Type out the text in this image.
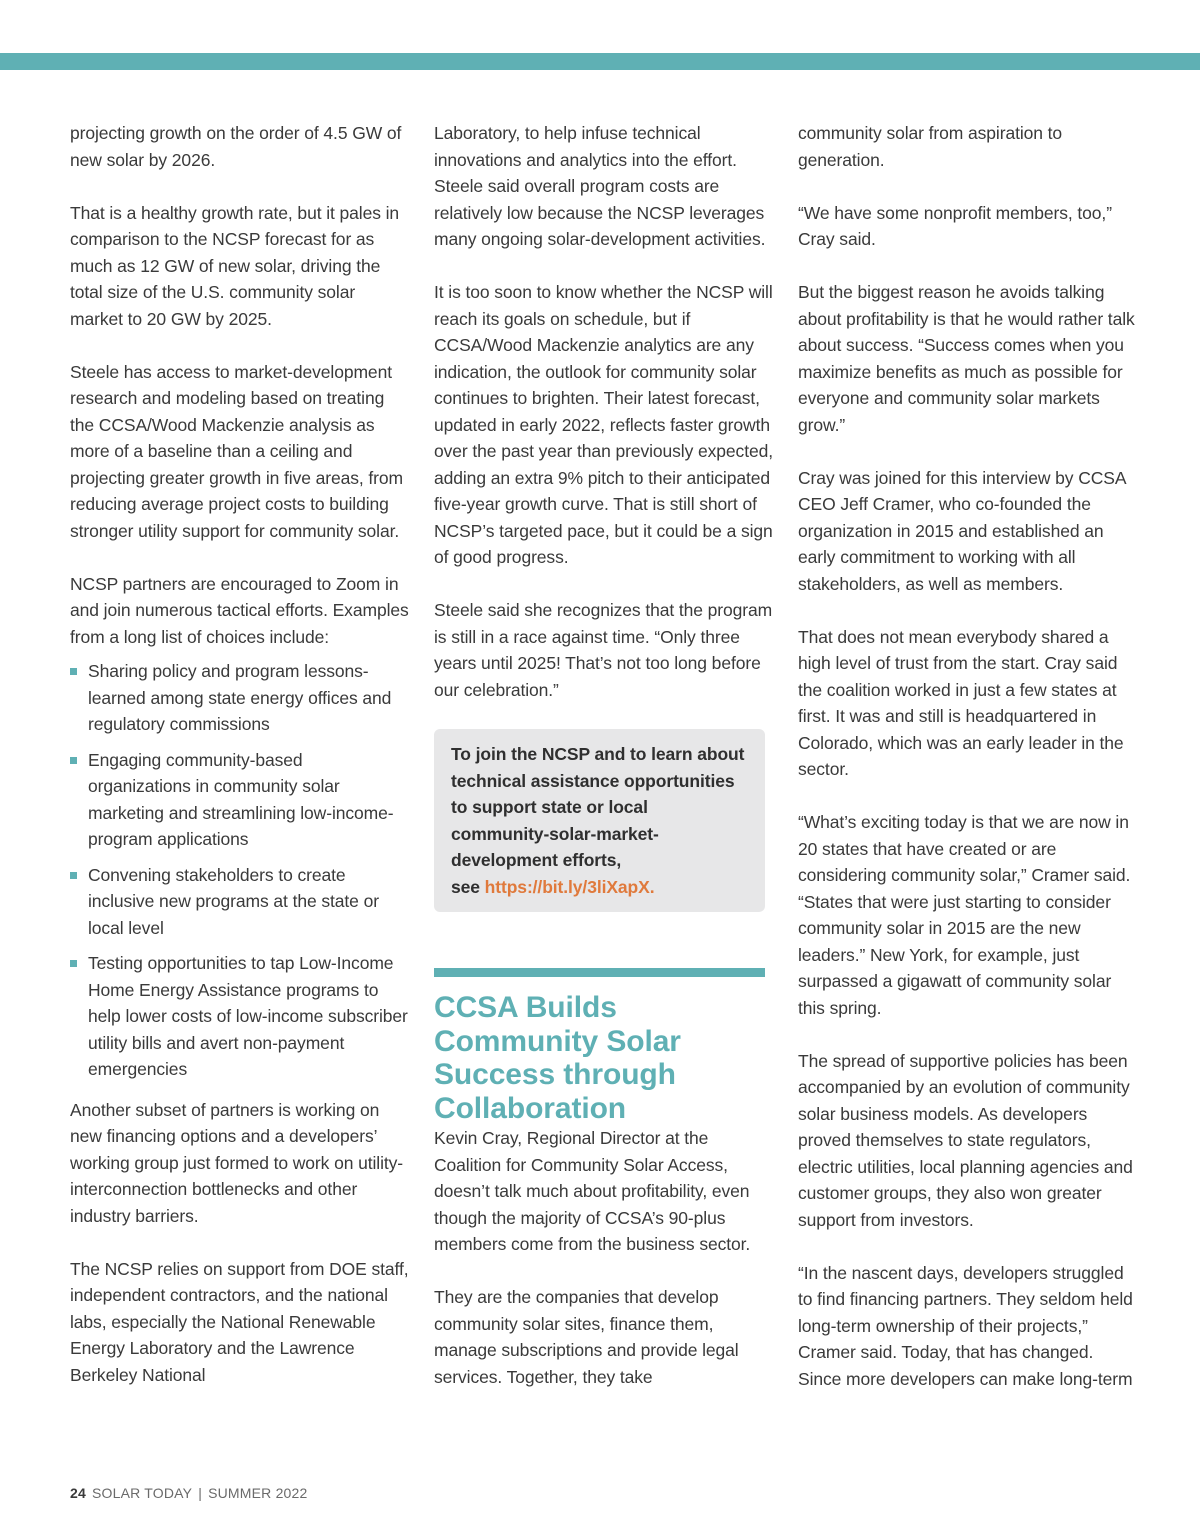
projecting growth on the order of 4.5 GW of new solar by 2026.

That is a healthy growth rate, but it pales in comparison to the NCSP forecast for as much as 12 GW of new solar, driving the total size of the U.S. community solar market to 20 GW by 2025.

Steele has access to market-development research and modeling based on treating the CCSA/Wood Mackenzie analysis as more of a baseline than a ceiling and projecting greater growth in five areas, from reducing average project costs to building stronger utility support for community solar.

NCSP partners are encouraged to Zoom in and join numerous tactical efforts. Examples from a long list of choices include:

Sharing policy and program lessons-learned among state energy offices and regulatory commissions
Engaging community-based organizations in community solar marketing and streamlining low-income-program applications
Convening stakeholders to create inclusive new programs at the state or local level
Testing opportunities to tap Low-Income Home Energy Assistance programs to help lower costs of low-income subscriber utility bills and avert non-payment emergencies

Another subset of partners is working on new financing options and a developers’ working group just formed to work on utility-interconnection bottlenecks and other industry barriers.

The NCSP relies on support from DOE staff, independent contractors, and the national labs, especially the National Renewable Energy Laboratory and the Lawrence Berkeley National

Laboratory, to help infuse technical innovations and analytics into the effort. Steele said overall program costs are relatively low because the NCSP leverages many ongoing solar-development activities.

It is too soon to know whether the NCSP will reach its goals on schedule, but if CCSA/Wood Mackenzie analytics are any indication, the outlook for community solar continues to brighten. Their latest forecast, updated in early 2022, reflects faster growth over the past year than previously expected, adding an extra 9% pitch to their anticipated five-year growth curve. That is still short of NCSP’s targeted pace, but it could be a sign of good progress.

Steele said she recognizes that the program is still in a race against time. “Only three years until 2025! That’s not too long before our celebration.”

To join the NCSP and to learn about technical assistance opportunities to support state or local community-solar-market-development efforts,
see https://bit.ly/3liXapX.
CCSA Builds Community Solar Success through Collaboration

Kevin Cray, Regional Director at the Coalition for Community Solar Access, doesn’t talk much about profitability, even though the majority of CCSA’s 90-plus members come from the business sector.

They are the companies that develop community solar sites, finance them, manage subscriptions and provide legal services. Together, they take

community solar from aspiration to generation.

“We have some nonprofit members, too,” Cray said.

But the biggest reason he avoids talking about profitability is that he would rather talk about success. “Success comes when you maximize benefits as much as possible for everyone and community solar markets grow.”

Cray was joined for this interview by CCSA CEO Jeff Cramer, who co-founded the organization in 2015 and established an early commitment to working with all stakeholders, as well as members.

That does not mean everybody shared a high level of trust from the start. Cray said the coalition worked in just a few states at first. It was and still is headquartered in Colorado, which was an early leader in the sector.

“What’s exciting today is that we are now in 20 states that have created or are considering community solar,” Cramer said. “States that were just starting to consider community solar in 2015 are the new leaders.” New York, for example, just surpassed a gigawatt of community solar this spring.

The spread of supportive policies has been accompanied by an evolution of community solar business models. As developers proved themselves to state regulators, electric utilities, local planning agencies and customer groups, they also won greater support from investors.

“In the nascent days, developers struggled to find financing partners. They seldom held long-term ownership of their projects,” Cramer said. Today, that has changed. Since more developers can make long-term

24 SOLAR TODAY | SUMMER 2022
